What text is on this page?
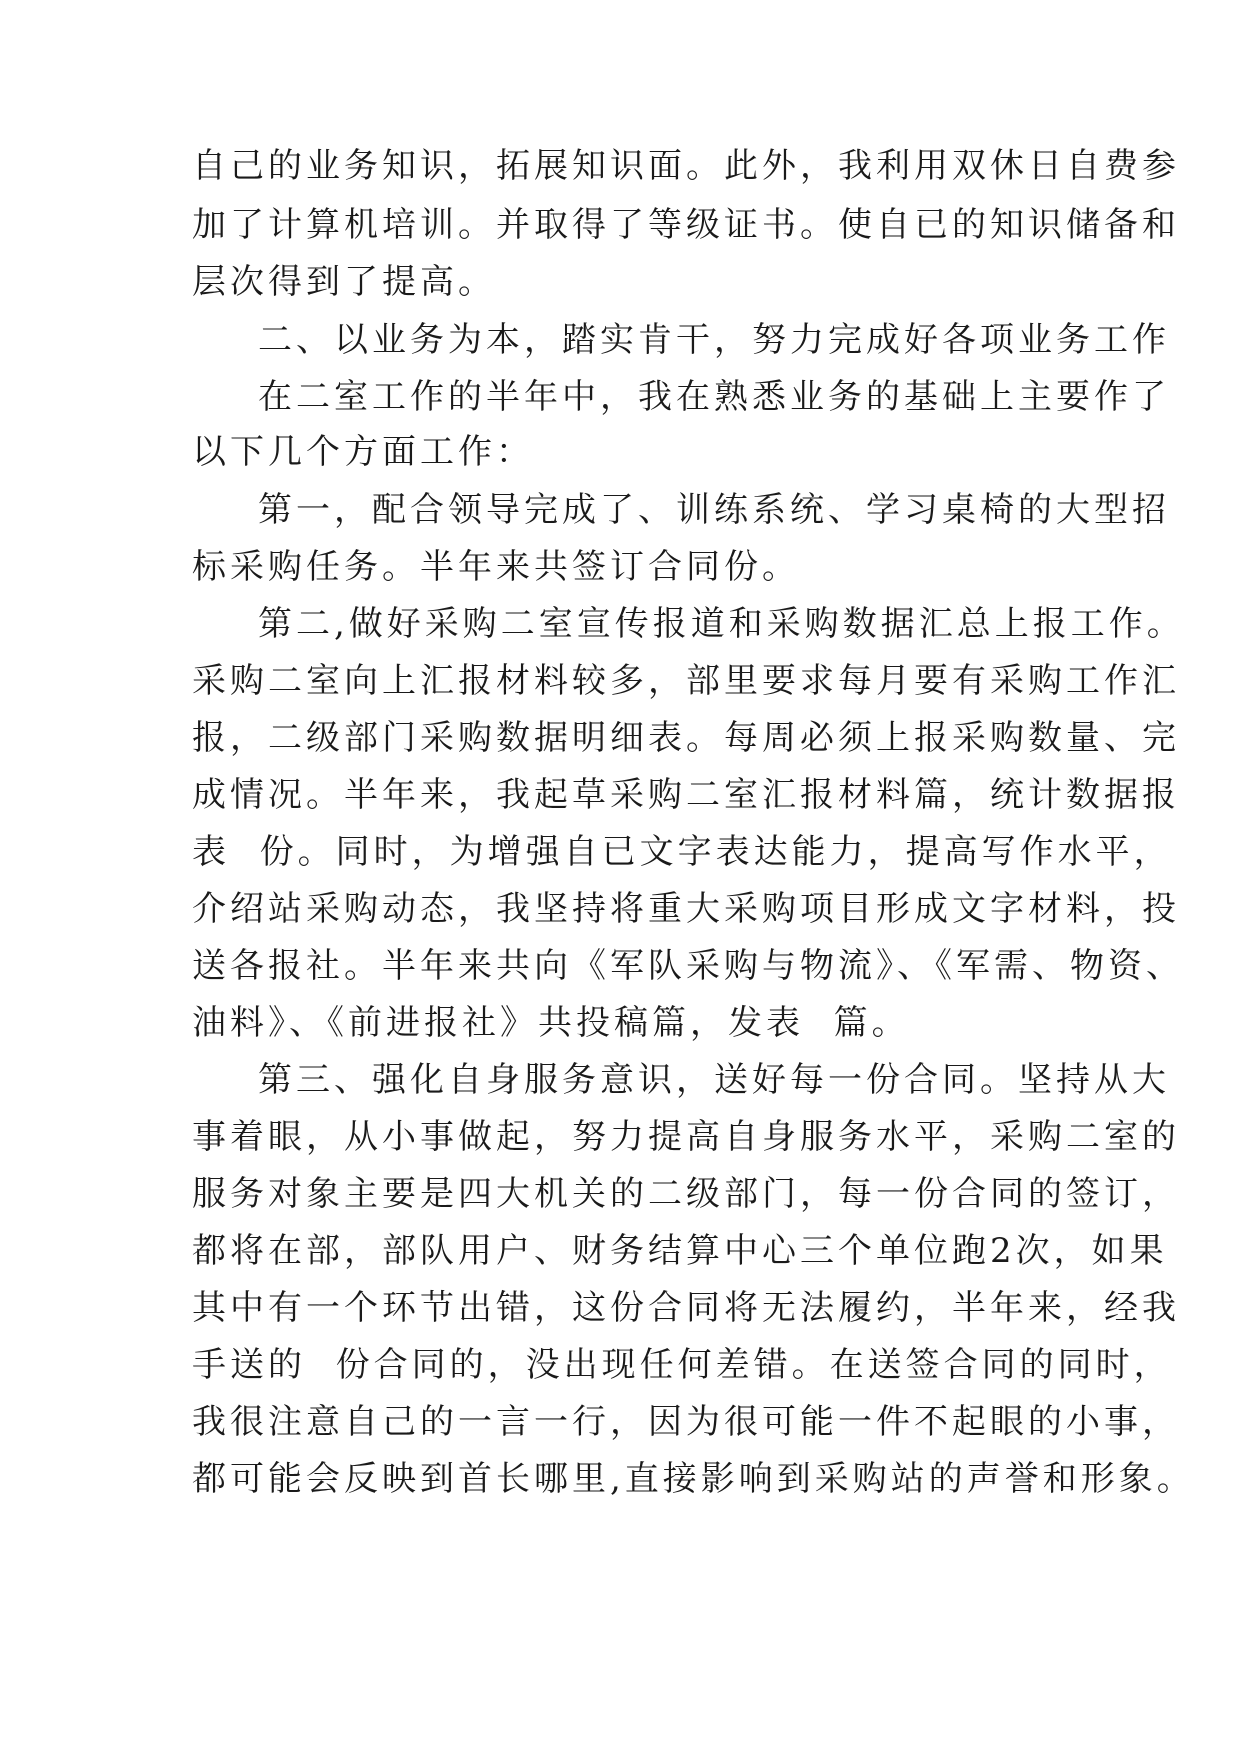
自己的业务知识，拓展知识面。此外，我利用双休日自费参
加了计算机培训。并取得了等级证书。使自已的知识储备和
层次得到了提高。
二、以业务为本，踏实肯干，努力完成好各项业务工作
在二室工作的半年中，我在熟悉业务的基础上主要作了
以下几个方面工作：
第一，配合领导完成了、训练系统、学习桌椅的大型招
标采购任务。半年来共签订合同份。
第二,做好采购二室宣传报道和采购数据汇总上报工作。
采购二室向上汇报材料较多，部里要求每月要有采购工作汇
报，二级部门采购数据明细表。每周必须上报采购数量、完
成情况。半年来，我起草采购二室汇报材料篇，统计数据报
表  份。同时，为增强自已文字表达能力，提高写作水平，
介绍站采购动态，我坚持将重大采购项目形成文字材料，投
送各报社。半年来共向《军队采购与物流》、《军需、物资、
油料》、《前进报社》共投稿篇，发表  篇。
第三、强化自身服务意识，送好每一份合同。坚持从大
事着眼，从小事做起，努力提高自身服务水平，采购二室的
服务对象主要是四大机关的二级部门，每一份合同的签订，
都将在部，部队用户、财务结算中心三个单位跑2次，如果
其中有一个环节出错，这份合同将无法履约，半年来，经我
手送的  份合同的，没出现任何差错。在送签合同的同时，
我很注意自己的一言一行，因为很可能一件不起眼的小事，
都可能会反映到首长哪里,直接影响到采购站的声誉和形象。
